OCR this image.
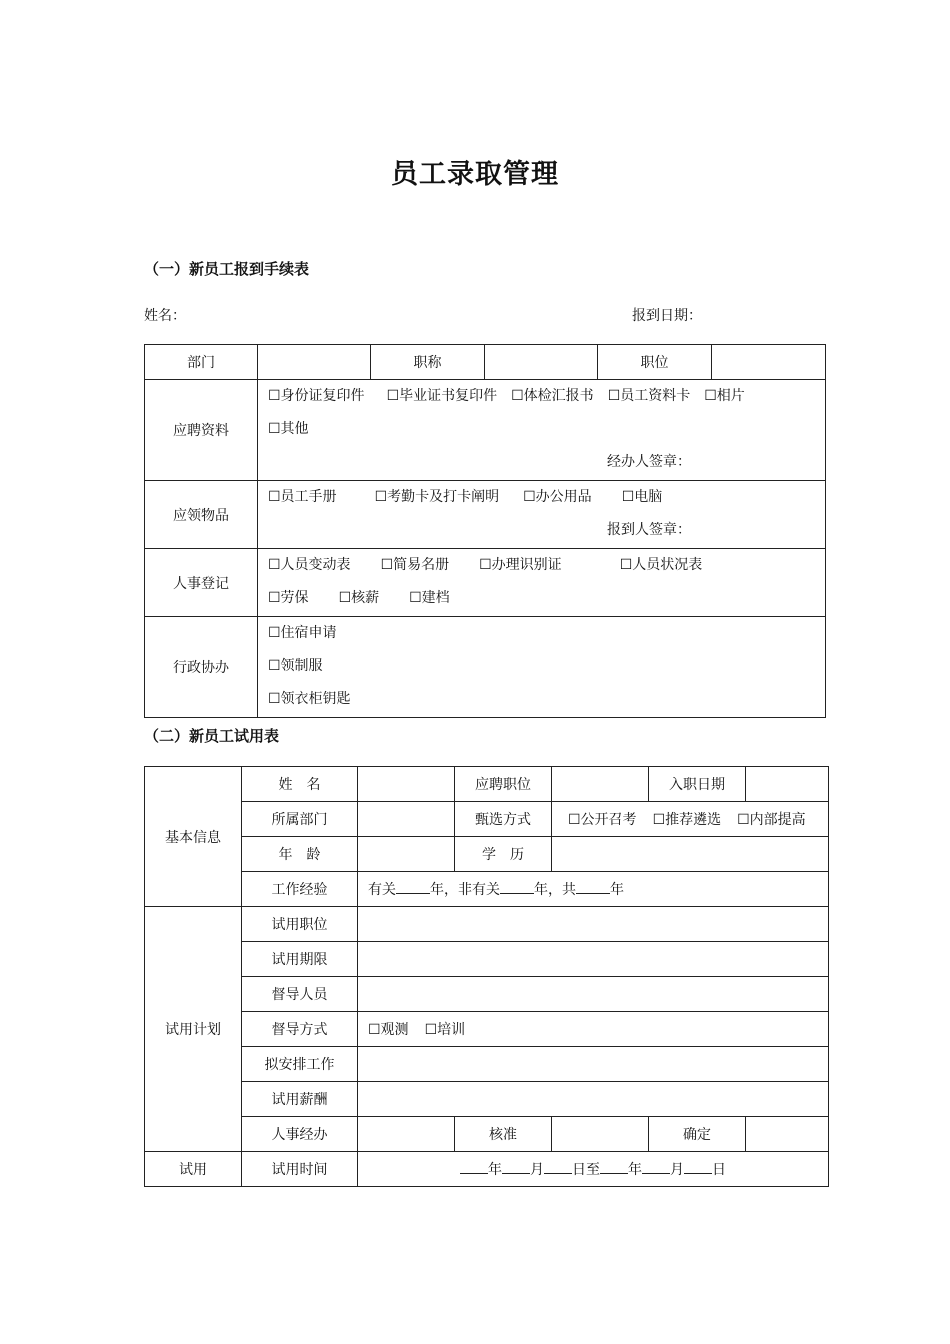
员工录取管理
（一）新员工报到手续表
姓名：	报到日期：
部门		职称		职位	
应聘资料	☐身份证复印件 ☐毕业证书复印件 ☐体检汇报书 ☐员工资料卡 ☐相片
☐其他
经办人签章：				

应领物品	☐员工手册 ☐考勤卡及打卡阐明 ☐办公用品 ☐电脑
报到人签章：				

人事登记	☐人员变动表 ☐简易名册 ☐办理识别证 ☐人员状况表
☐劳保 ☐核薪 ☐建档				

行政协办	☐住宿申请
☐领制服
☐领衣柜钥匙				
（二）新员工试用表
基本信息	姓　名		应聘职位		入职日期	
	所属部门		甄选方式	☐公开召考 ☐推荐遴选 ☐内部提高		
	年　龄		学　历			
	工作经验	有关 年，非有关 年，共 年				
试用计划	试用职位					
	试用期限					
	督导人员					
	督导方式	☐观测 ☐培训				
	拟安排工作					
	试用薪酬					
	人事经办		核准		确定	
试用	试用时间	年 月 日至 年 月 日				
